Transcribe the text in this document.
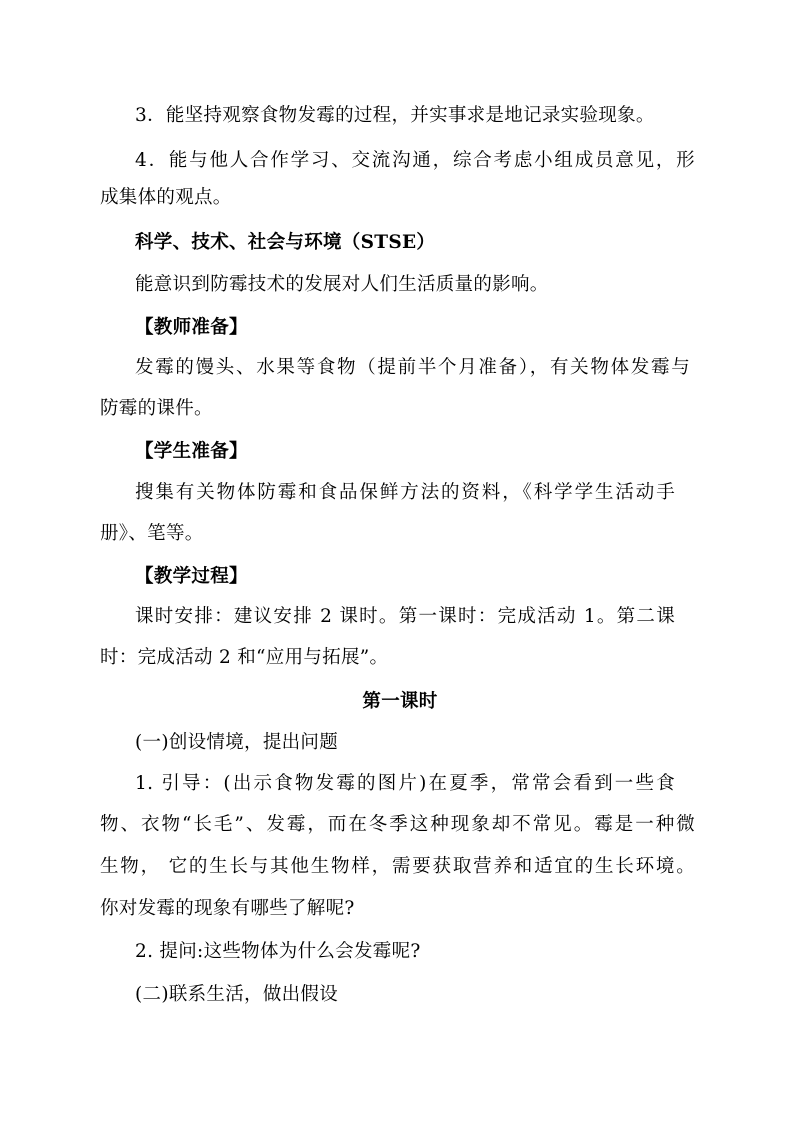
3．能坚持观察食物发霉的过程，并实事求是地记录实验现象。
4．能与他人合作学习、交流沟通，综合考虑小组成员意见，形
成集体的观点。
科学、技术、社会与环境（STSE）
能意识到防霉技术的发展对人们生活质量的影响。
【教师准备】
发霉的馒头、水果等食物（提前半个月准备），有关物体发霉与
防霉的课件。
【学生准备】
搜集有关物体防霉和食品保鲜方法的资料，《科学学生活动手
册》、笔等。
【教学过程】
课时安排：建议安排 2 课时。第一课时：完成活动 1。第二课
时：完成活动 2 和“应用与拓展”。
第一课时
(一)创设情境，提出问题
1. 引导：(出示食物发霉的图片)在夏季，常常会看到一些食
物、衣物“长毛”、发霉，而在冬季这种现象却不常见。霉是一种微
生物， 它的生长与其他生物样，需要获取营养和适宜的生长环境。
你对发霉的现象有哪些了解呢?
2. 提问:这些物体为什么会发霉呢?
(二)联系生活，做出假设
